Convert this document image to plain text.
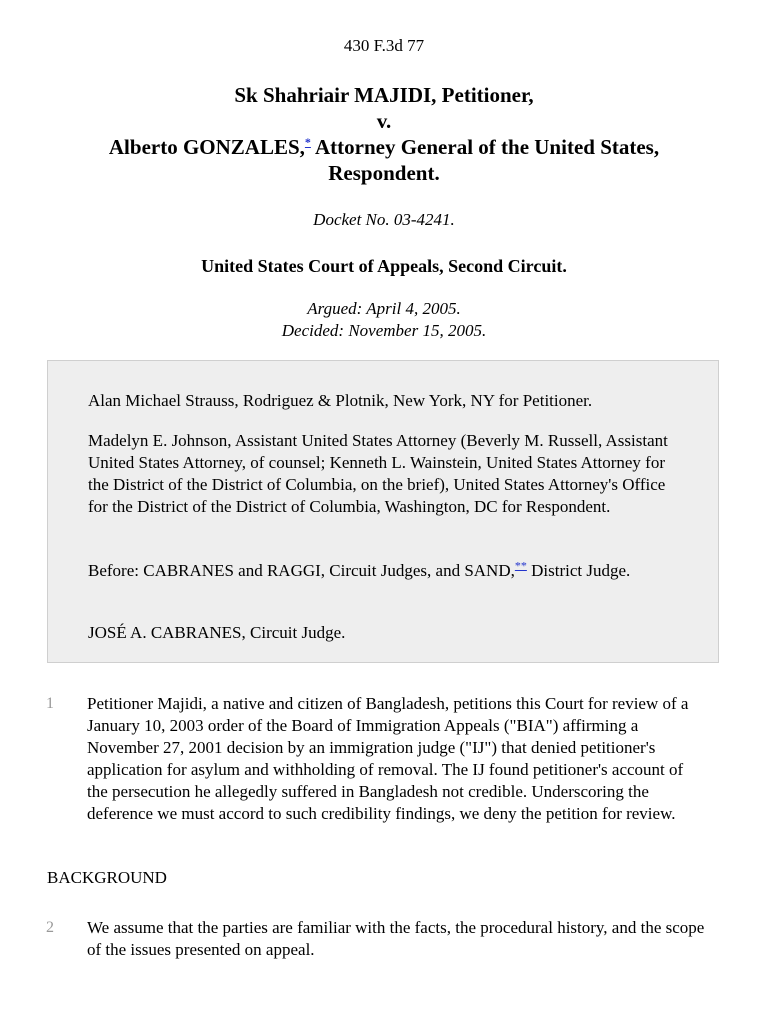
430 F.3d 77
Sk Shahriair MAJIDI, Petitioner,
v.
Alberto GONZALES,* Attorney General of the United States,
Respondent.
Docket No. 03-4241.
United States Court of Appeals, Second Circuit.
Argued: April 4, 2005.
Decided: November 15, 2005.

Alan Michael Strauss, Rodriguez & Plotnik, New York, NY for Petitioner.

Madelyn E. Johnson, Assistant United States Attorney (Beverly M. Russell, Assistant United States Attorney, of counsel; Kenneth L. Wainstein, United States Attorney for the District of the District of Columbia, on the brief), United States Attorney's Office for the District of the District of Columbia, Washington, DC for Respondent.

Before: CABRANES and RAGGI, Circuit Judges, and SAND,** District Judge.

JOSÉ A. CABRANES, Circuit Judge.

1 Petitioner Majidi, a native and citizen of Bangladesh, petitions this Court for review of a January 10, 2003 order of the Board of Immigration Appeals ("BIA") affirming a November 27, 2001 decision by an immigration judge ("IJ") that denied petitioner's application for asylum and withholding of removal. The IJ found petitioner's account of the persecution he allegedly suffered in Bangladesh not credible. Underscoring the deference we must accord to such credibility findings, we deny the petition for review.

BACKGROUND
2 We assume that the parties are familiar with the facts, the procedural history, and the scope of the issues presented on appeal.
